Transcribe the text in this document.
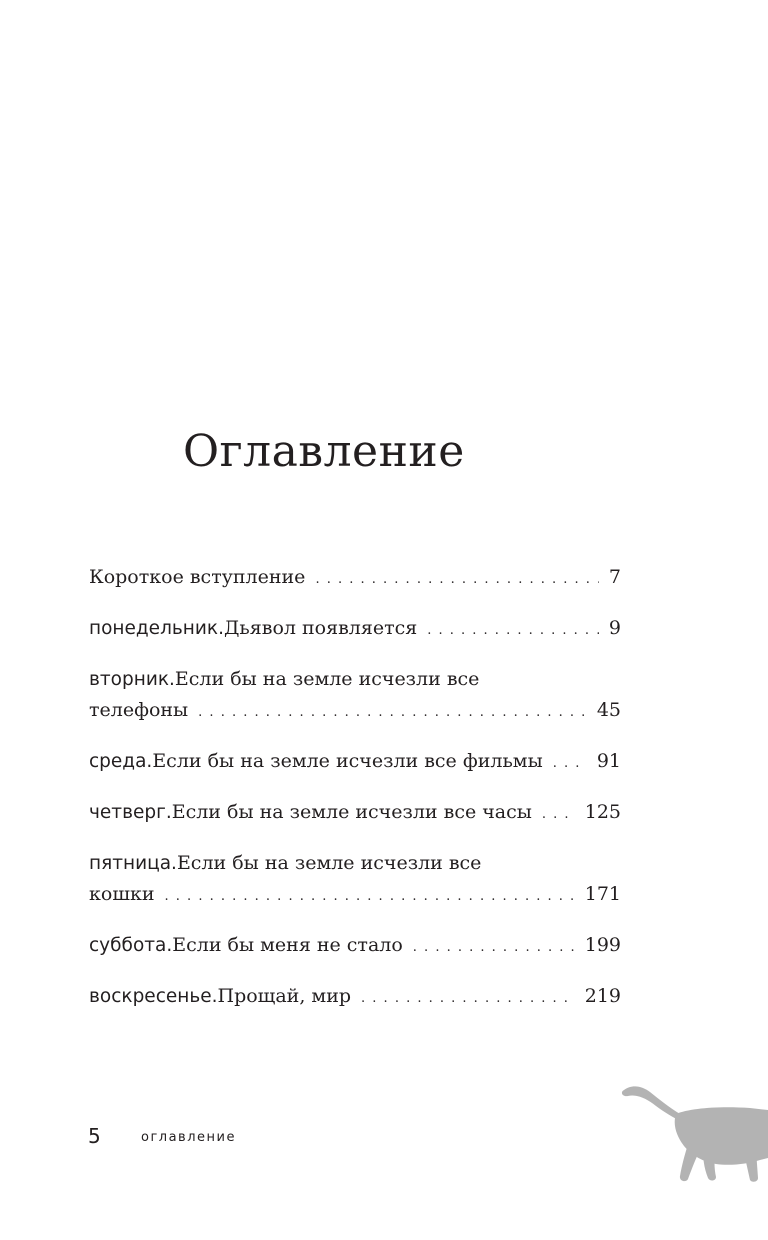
Оглавление
Короткое вступление . . .	7
понедельник. Дьявол появляется . . .	9
вторник. Если бы на земле исчезли все
телефоны . . .	45
среда. Если бы на земле исчезли все фильмы . . .	91
четверг. Если бы на земле исчезли все часы . . .	125
пятница. Если бы на земле исчезли все
кошки . . .	171
суббота. Если бы меня не стало . . .	199
воскресенье. Прощай, мир . . .	219
5	оглавление
